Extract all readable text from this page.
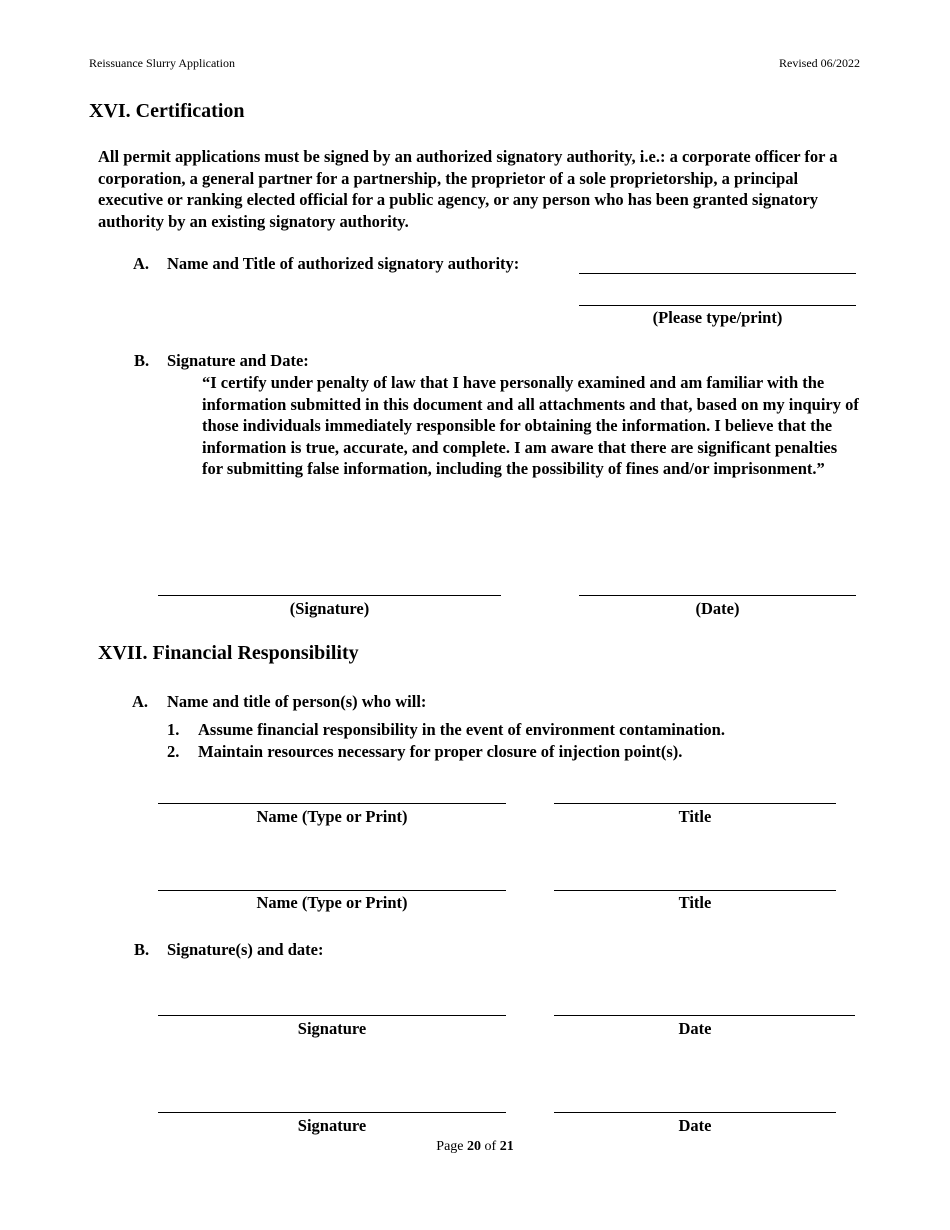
Reissuance Slurry Application	Revised 06/2022
XVI. Certification
All permit applications must be signed by an authorized signatory authority, i.e.: a corporate officer for a corporation, a general partner for a partnership, the proprietor of a sole proprietorship, a principal executive or ranking elected official for a public agency, or any person who has been granted signatory authority by an existing signatory authority.
A. Name and Title of authorized signatory authority:
(Please type/print)
B. Signature and Date:
“I certify under penalty of law that I have personally examined and am familiar with the information submitted in this document and all attachments and that, based on my inquiry of those individuals immediately responsible for obtaining the information. I believe that the information is true, accurate, and complete. I am aware that there are significant penalties for submitting false information, including the possibility of fines and/or imprisonment.”
(Signature)	(Date)
XVII. Financial Responsibility
A. Name and title of person(s) who will:
1. Assume financial responsibility in the event of environment contamination.
2. Maintain resources necessary for proper closure of injection point(s).
Name (Type or Print)	Title
Name (Type or Print)	Title
B. Signature(s) and date:
Signature	Date
Signature	Date
Page 20 of 21
